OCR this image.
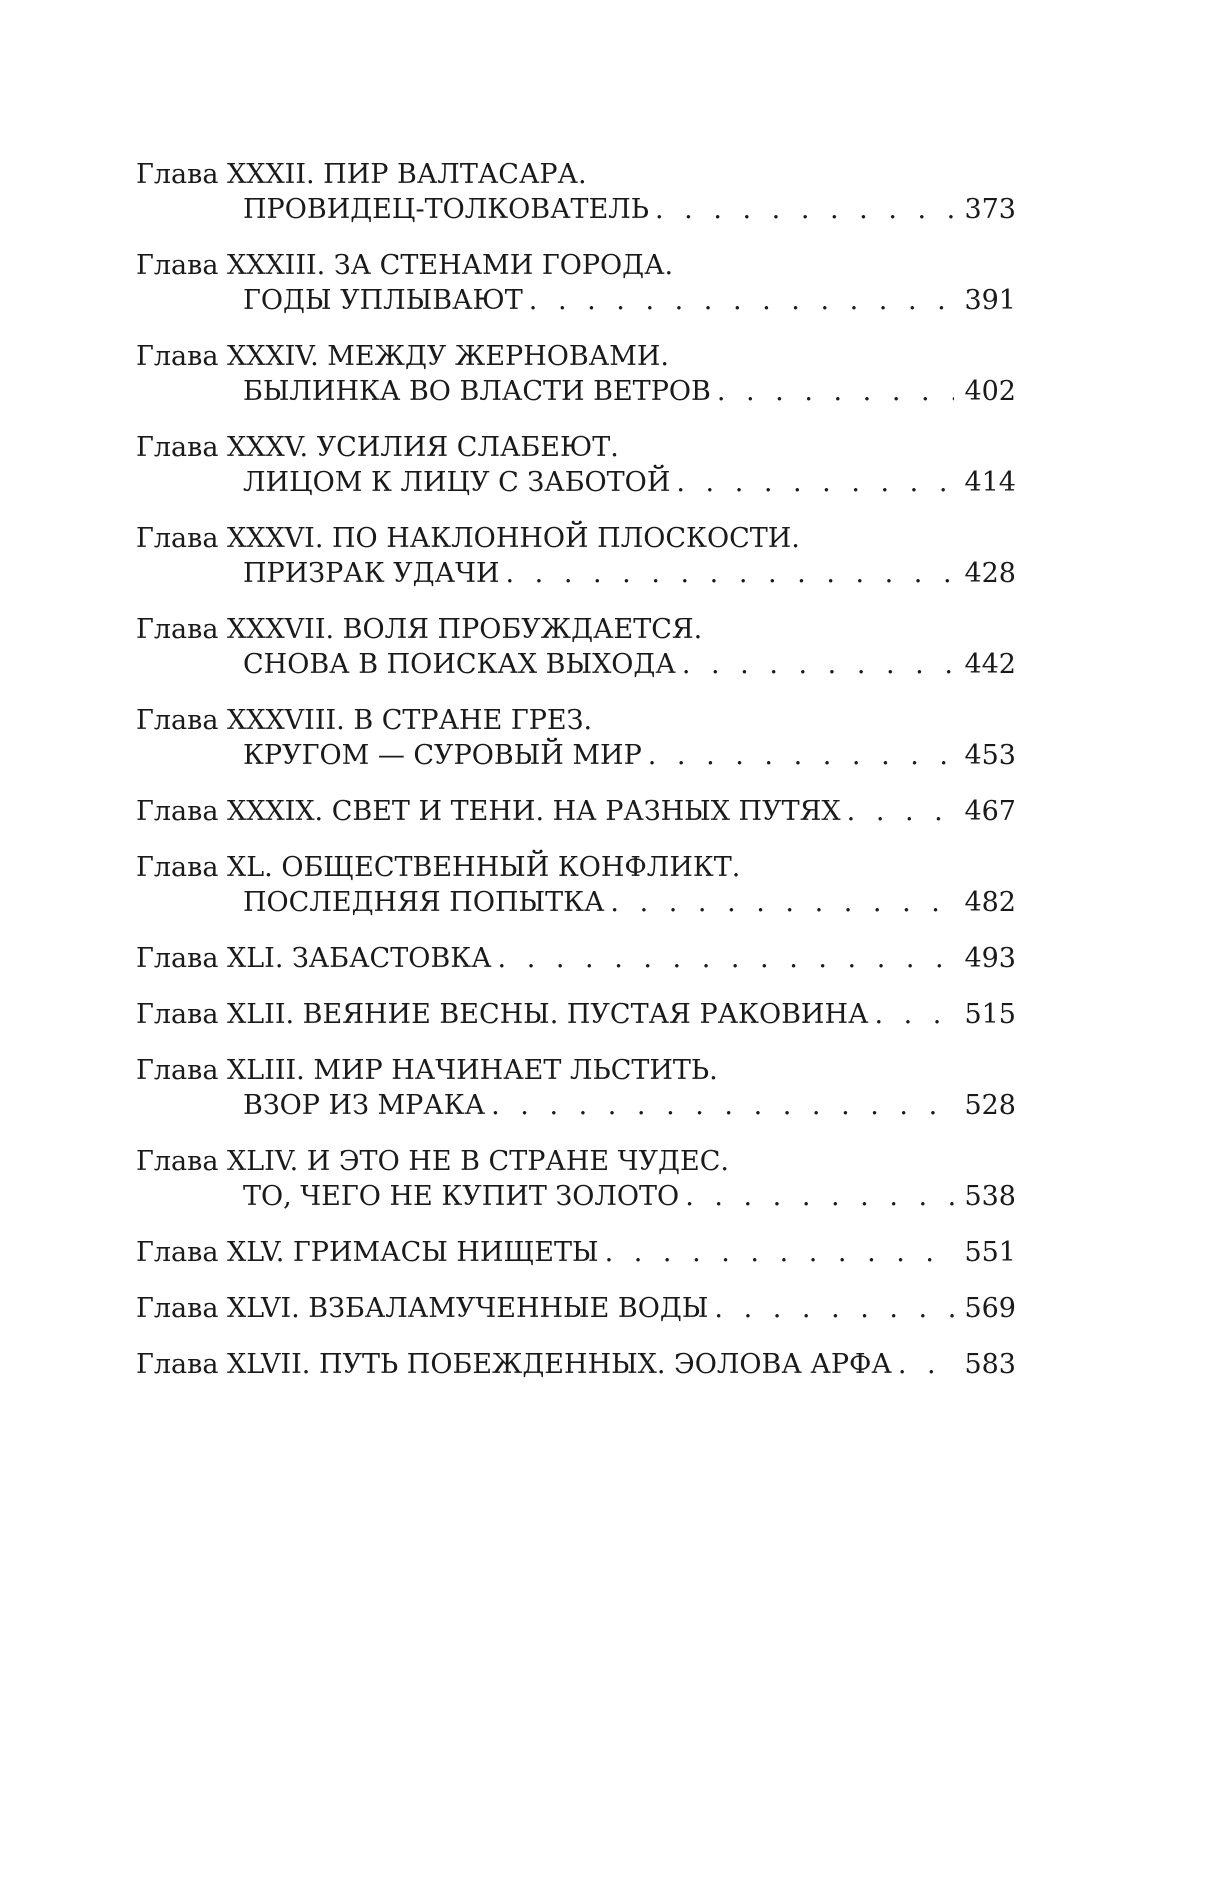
Глава XXXII. ПИР ВАЛТАСАРА.
ПРОВИДЕЦ-ТОЛКОВАТЕЛЬ . . .	373
Глава XXXIII. ЗА СТЕНАМИ ГОРОДА.
ГОДЫ УПЛЫВАЮТ . . .	391
Глава XXXIV. МЕЖДУ ЖЕРНОВАМИ.
БЫЛИНКА ВО ВЛАСТИ ВЕТРОВ . . .	402
Глава XXXV. УСИЛИЯ СЛАБЕЮТ.
ЛИЦОМ К ЛИЦУ С ЗАБОТОЙ . . .	414
Глава XXXVI. ПО НАКЛОННОЙ ПЛОСКОСТИ.
ПРИЗРАК УДАЧИ . . .	428
Глава XXXVII. ВОЛЯ ПРОБУЖДАЕТСЯ.
СНОВА В ПОИСКАХ ВЫХОДА . . .	442
Глава XXXVIII. В СТРАНЕ ГРЕЗ.
КРУГОМ — СУРОВЫЙ МИР . . .	453
Глава XXXIX. СВЕТ И ТЕНИ. НА РАЗНЫХ ПУТЯХ . . .	467
Глава XL. ОБЩЕСТВЕННЫЙ КОНФЛИКТ.
ПОСЛЕДНЯЯ ПОПЫТКА . . .	482
Глава XLI. ЗАБАСТОВКА . . .	493
Глава XLII. ВЕЯНИЕ ВЕСНЫ. ПУСТАЯ РАКОВИНА . . .	515
Глава XLIII. МИР НАЧИНАЕТ ЛЬСТИТЬ.
ВЗОР ИЗ МРАКА . . .	528
Глава XLIV. И ЭТО НЕ В СТРАНЕ ЧУДЕС.
ТО, ЧЕГО НЕ КУПИТ ЗОЛОТО . . .	538
Глава XLV. ГРИМАСЫ НИЩЕТЫ . . .	551
Глава XLVI. ВЗБАЛАМУЧЕННЫЕ ВОДЫ . . .	569
Глава XLVII. ПУТЬ ПОБЕЖДЕННЫХ. ЭОЛОВА АРФА . . .	583
